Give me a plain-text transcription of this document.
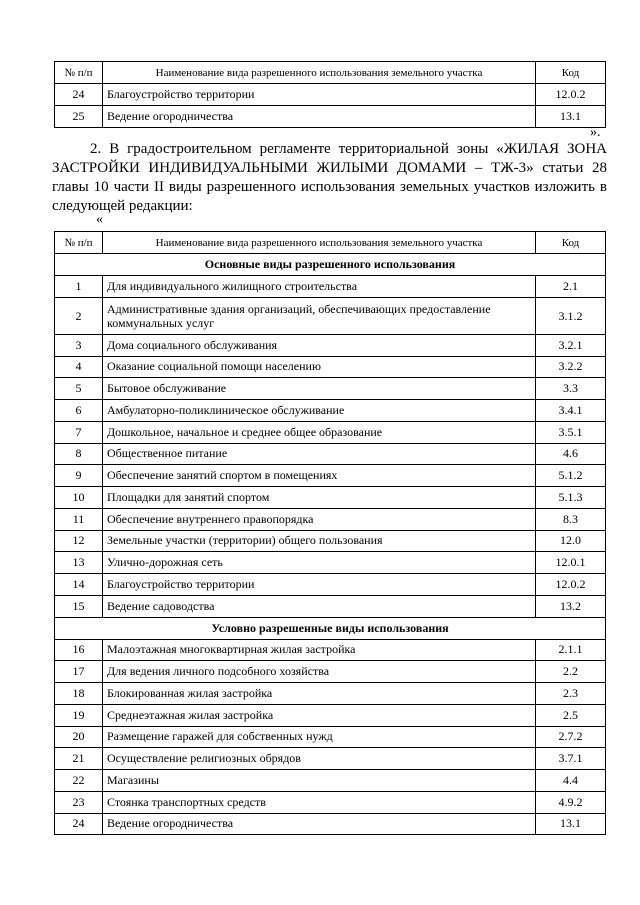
№ п/п	Наименование вида разрешенного использования земельного участка	Код
24	Благоустройство территории	12.0.2
25	Ведение огородничества	13.1
».

2. В градостроительном регламенте территориальной зоны «ЖИЛАЯ ЗОНА ЗАСТРОЙКИ ИНДИВИДУАЛЬНЫМИ ЖИЛЫМИ ДОМАМИ – ТЖ-3» статьи 28 главы 10 части II виды разрешенного использования земельных участков изложить в следующей редакции:

«
№ п/п	Наименование вида разрешенного использования земельного участка	Код
Основные виды разрешенного использования		
1	Для индивидуального жилищного строительства	2.1
2	Административные здания организаций, обеспечивающих предоставление коммунальных услуг	3.1.2
3	Дома социального обслуживания	3.2.1
4	Оказание социальной помощи населению	3.2.2
5	Бытовое обслуживание	3.3
6	Амбулаторно-поликлиническое обслуживание	3.4.1
7	Дошкольное, начальное и среднее общее образование	3.5.1
8	Общественное питание	4.6
9	Обеспечение занятий спортом в помещениях	5.1.2
10	Площадки для занятий спортом	5.1.3
11	Обеспечение внутреннего правопорядка	8.3
12	Земельные участки (территории) общего пользования	12.0
13	Улично-дорожная сеть	12.0.1
14	Благоустройство территории	12.0.2
15	Ведение садоводства	13.2
Условно разрешенные виды использования		
16	Малоэтажная многоквартирная жилая застройка	2.1.1
17	Для ведения личного подсобного хозяйства	2.2
18	Блокированная жилая застройка	2.3
19	Среднеэтажная жилая застройка	2.5
20	Размещение гаражей для собственных нужд	2.7.2
21	Осуществление религиозных обрядов	3.7.1
22	Магазины	4.4
23	Стоянка транспортных средств	4.9.2
24	Ведение огородничества	13.1
